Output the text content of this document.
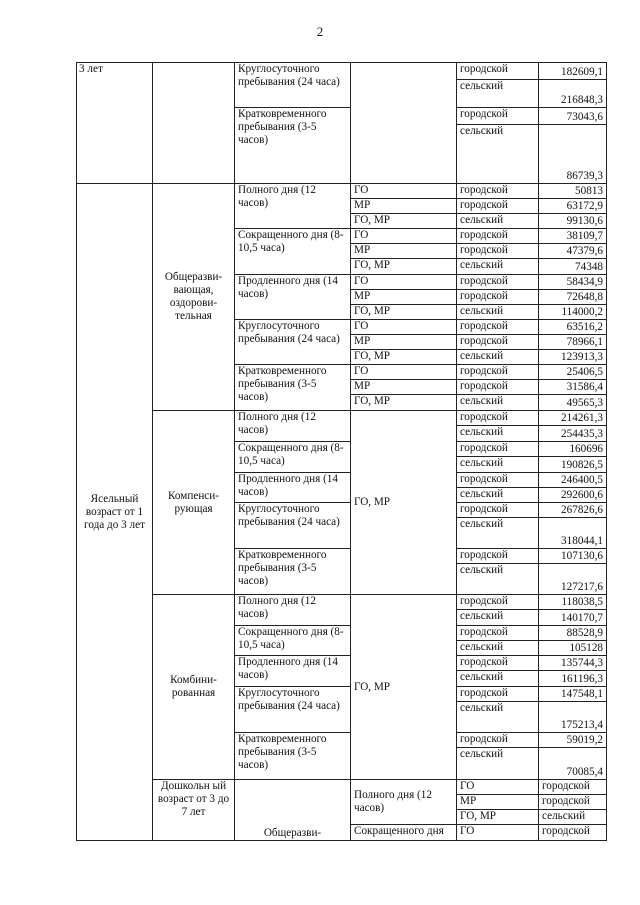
2
3 лет		Круглосуточного пребывания (24 часа)		городской	182609,1	
				сельский	216848,3	
		Кратковременного пребывания (3-5 часов)		городской	73043,6	
				сельский	86739,3	
Ясельный возраст от 1 года до 3 лет	Общеразви-вающая, оздорови-тельная	Полного дня (12 часов)	ГО	городской	50813	
			МР	городской	63172,9	
			ГО, МР	сельский	99130,6	
		Сокращенного дня (8-10,5 часа)	ГО	городской	38109,7	
			МР	городской	47379,6	
			ГО, МР	сельский	74348	
		Продленного дня (14 часов)	ГО	городской	58434,9	
			МР	городской	72648,8	
			ГО, МР	сельский	114000,2	
		Круглосуточного пребывания (24 часа)	ГО	городской	63516,2	
			МР	городской	78966,1	
			ГО, МР	сельский	123913,3	
		Кратковременного пребывания (3-5 часов)	ГО	городской	25406,5	
			МР	городской	31586,4	
			ГО, МР	сельский	49565,3	
	Компенси-рующая	Полного дня (12 часов)	ГО, МР	городской	214261,3	
				сельский	254435,3	
		Сокращенного дня (8-10,5 часа)		городской	160696	
				сельский	190826,5	
		Продленного дня (14 часов)		городской	246400,5	
				сельский	292600,6	
		Круглосуточного пребывания (24 часа)		городской	267826,6	
				сельский	318044,1	
		Кратковременного пребывания (3-5 часов)		городской	107130,6	
				сельский	127217,6	
	Комбини-рованная	Полного дня (12 часов)	ГО, МР	городской	118038,5	
				сельский	140170,7	
		Сокращенного дня (8-10,5 часа)		городской	88528,9	
				сельский	105128	
		Продленного дня (14 часов)		городской	135744,3	
				сельский	161196,3	
		Круглосуточного пребывания (24 часа)		городской	147548,1	
				сельский	175213,4	
		Кратковременного пребывания (3-5 часов)		городской	59019,2	
				сельский	70085,4	
	Дошкольн ый возраст от 3 до 7 лет	Общеразви-	Полного дня (12 часов)	ГО	городской	
				МР	городской	
				ГО, МР	сельский	
			Сокращенного дня	ГО	городской	
